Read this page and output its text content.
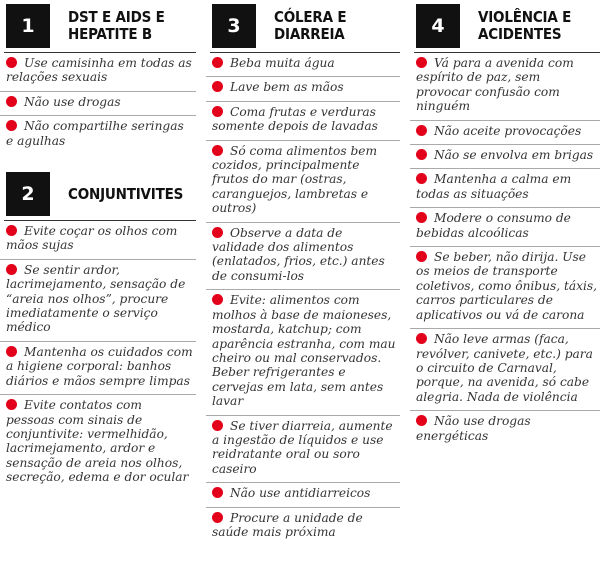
1	DST E AIDS E
HEPATITE B
Use camisinha em todas as relações sexuais
Não use drogas
Não compartilhe seringas e agulhas
2	CONJUNTIVITES
Evite coçar os olhos com mãos sujas
Se sentir ardor, lacrimejamento, sensação de “areia nos olhos”, procure imediatamente o serviço médico
Mantenha os cuidados com a higiene corporal: banhos diários e mãos sempre limpas
Evite contatos com pessoas com sinais de conjuntivite: vermelhidão, lacrimejamento, ardor e sensação de areia nos olhos, secreção, edema e dor ocular
3	CÓLERA E
DIARREIA
Beba muita água
Lave bem as mãos
Coma frutas e verduras somente depois de lavadas
Só coma alimentos bem cozidos, principalmente frutos do mar (ostras, caranguejos, lambretas e outros)
Observe a data de validade dos alimentos (enlatados, frios, etc.) antes de consumi-los
Evite: alimentos com molhos à base de maioneses, mostarda, katchup; com aparência estranha, com mau cheiro ou mal conservados. Beber refrigerantes e cervejas em lata, sem antes lavar
Se tiver diarreia, aumente a ingestão de líquidos e use reidratante oral ou soro caseiro
Não use antidiarreicos
Procure a unidade de saúde mais próxima
4	VIOLÊNCIA E
ACIDENTES
Vá para a avenida com espírito de paz, sem provocar confusão com ninguém
Não aceite provocações
Não se envolva em brigas
Mantenha a calma em todas as situações
Modere o consumo de bebidas alcoólicas
Se beber, não dirija. Use os meios de transporte coletivos, como ônibus, táxis, carros particulares de aplicativos ou vá de carona
Não leve armas (faca, revólver, canivete, etc.) para o circuito de Carnaval, porque, na avenida, só cabe alegria. Nada de violência
Não use drogas energéticas
